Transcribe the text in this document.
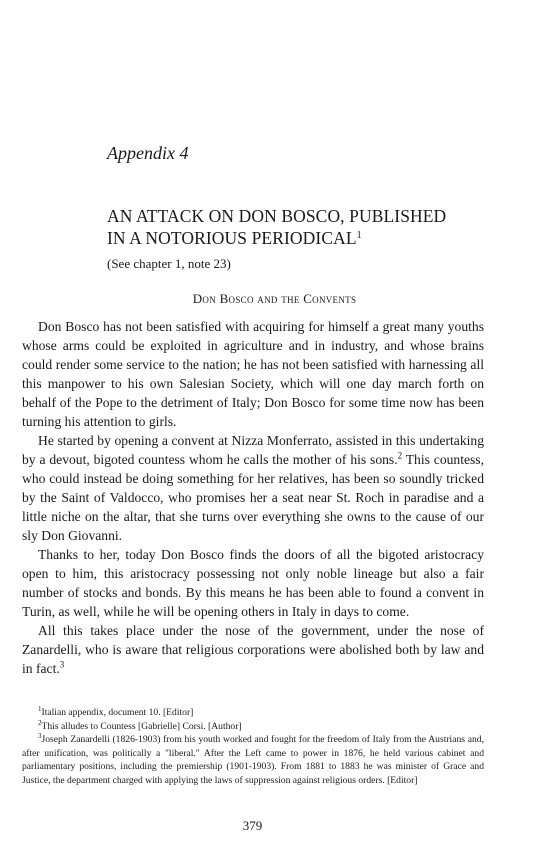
Appendix 4
AN ATTACK ON DON BOSCO, PUBLISHED
IN A NOTORIOUS PERIODICAL$^1$
(See chapter 1, note 23)
Don Bosco and the Convents

Don Bosco has not been satisfied with acquiring for himself a great many youths whose arms could be exploited in agriculture and in industry, and whose brains could render some service to the nation; he has not been satisfied with harnessing all this manpower to his own Salesian Society, which will one day march forth on behalf of the Pope to the detriment of Italy; Don Bosco for some time now has been turning his attention to girls.

He started by opening a convent at Nizza Monferrato, assisted in this undertaking by a devout, bigoted countess whom he calls the mother of his sons.$^2$ This countess, who could instead be doing something for her relatives, has been so soundly tricked by the Saint of Valdocco, who promises her a seat near St. Roch in paradise and a little niche on the altar, that she turns over everything she owns to the cause of our sly Don Giovanni.

Thanks to her, today Don Bosco finds the doors of all the bigoted aristocracy open to him, this aristocracy possessing not only noble lineage but also a fair number of stocks and bonds. By this means he has been able to found a convent in Turin, as well, while he will be opening others in Italy in days to come.

All this takes place under the nose of the government, under the nose of Zanardelli, who is aware that religious corporations were abolished both by law and in fact.$^3$

$^1$Italian appendix, document 10. [Editor]

$^2$This alludes to Countess [Gabrielle] Corsi. [Author]

$^3$Joseph Zanardelli (1826-1903) from his youth worked and fought for the freedom of Italy from the Austrians and, after unification, was politically a "liberal." After the Left came to power in 1876, he held various cabinet and parliamentary positions, including the premiership (1901-1903). From 1881 to 1883 he was minister of Grace and Justice, the department charged with applying the laws of suppression against religious orders. [Editor]

379
